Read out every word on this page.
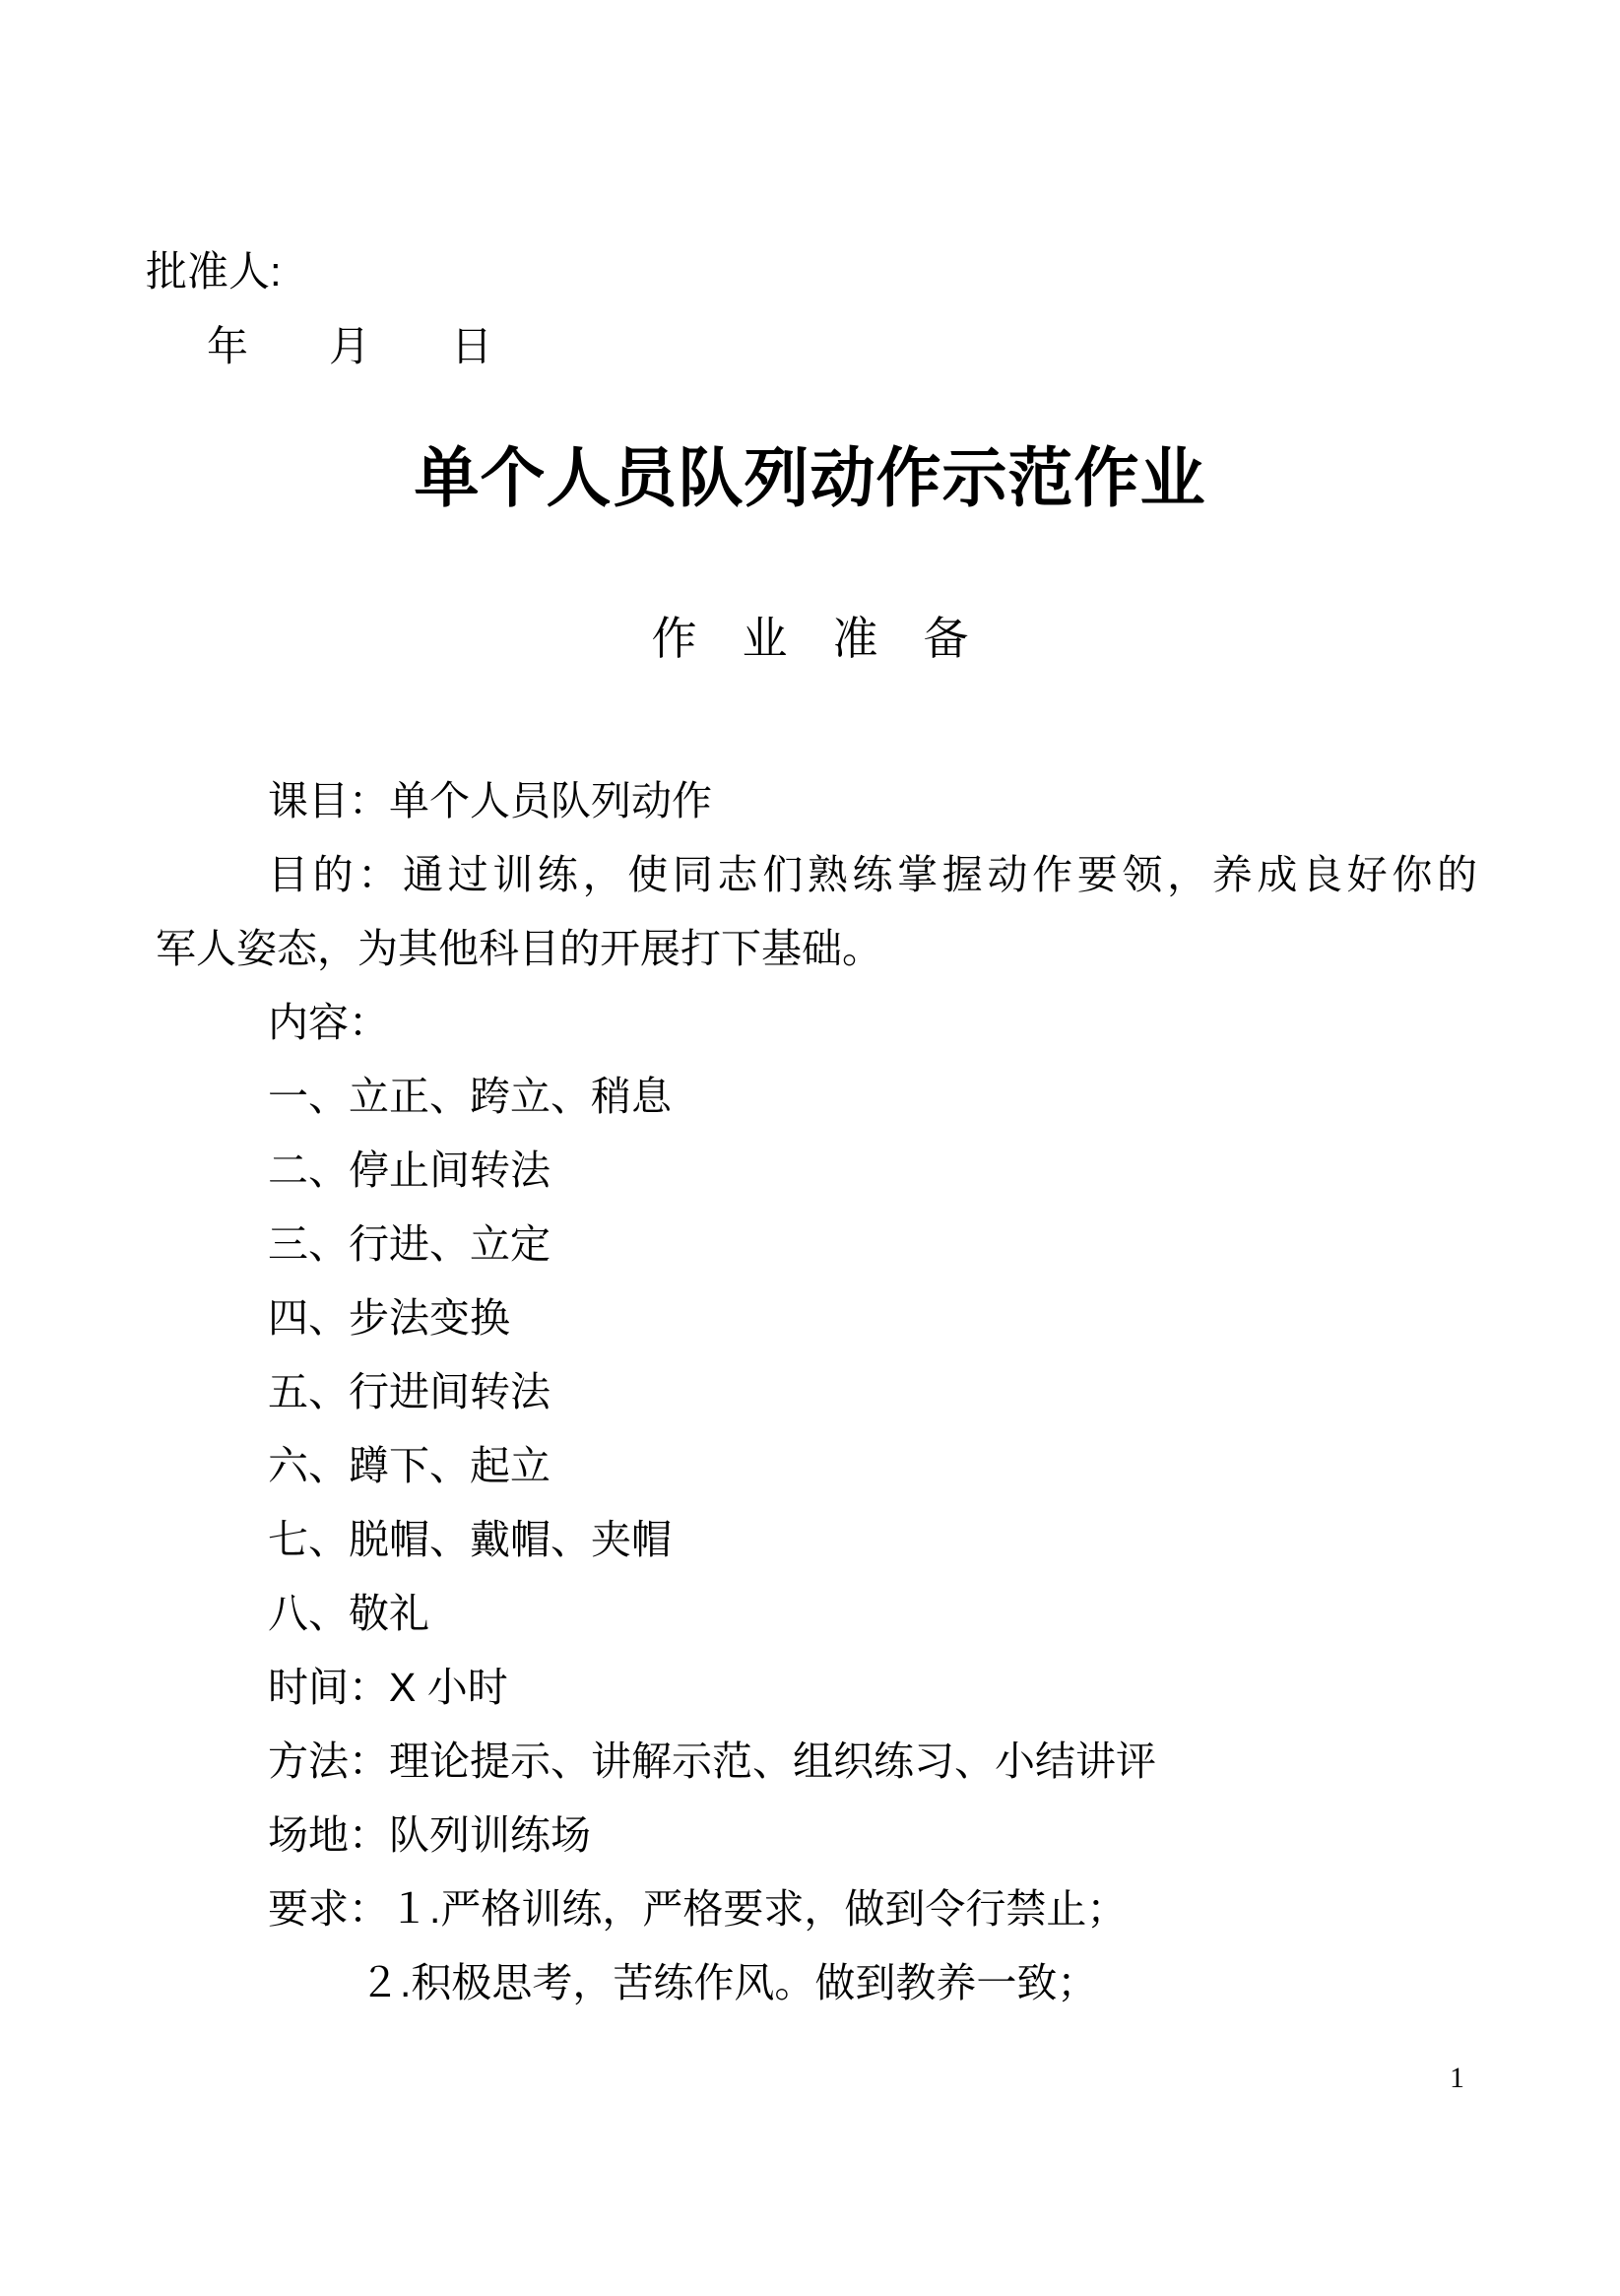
批准人:

年　月　日

单个人员队列动作示范作业
作　业　准　备

课目：单个人员队列动作

目的：通过训练，使同志们熟练掌握动作要领，养成良好你的

军人姿态，为其他科目的开展打下基础。

内容：

一、立正、跨立、稍息

二、停止间转法

三、行进、立定

四、步法变换

五、行进间转法

六、蹲下、起立

七、脱帽、戴帽、夹帽

八、敬礼

时间：X 小时

方法：理论提示、讲解示范、组织练习、小结讲评

场地：队列训练场

要求：１.严格训练，严格要求，做到令行禁止；

２.积极思考，苦练作风。做到教养一致；

1
